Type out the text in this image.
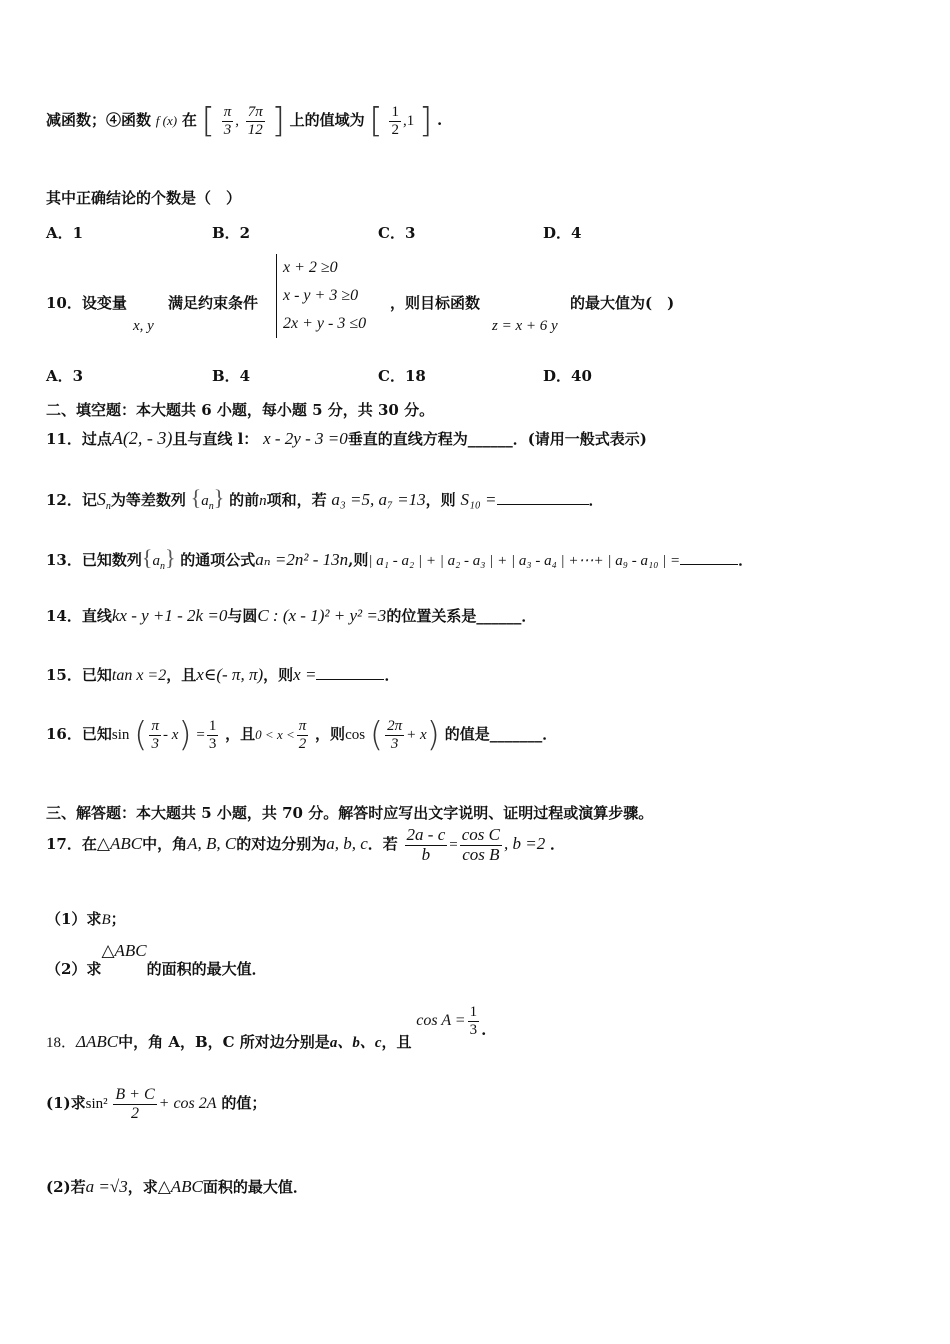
减函数；④函数 f (x) 在 [ $\frac{\pi}{3}$ , $\frac{7\pi}{12}$ ] 上的值域为 [ $\frac{1}{2} ,1$ ] .
其中正确结论的个数是（　）
A．1	B．2	C．3	D．4
10．设变量
x, y
满足约束条件
x + 2 ≥0
x - y + 3 ≥0
2x + y - 3 ≤0
，则目标函数
z = x + 6 y
的最大值为(　)
A．3	B．4	C．18	D．40
二、填空题：本大题共 6 小题，每小题 5 分，共 30 分。
11．过点A(2, - 3)且与直线 l： x - 2y - 3 =0垂直的直线方程为______．(请用一般式表示)
12．记$S_n$为等差数列 $\{a_n\}$ 的前n项和，若 a₃ =5, a₇ =13，则 S₁₀ =	．
13．已知数列$\{a_n\}$ 的通项公式aₙ =2n² - 13n,则| a₁ - a₂ | + | a₂ - a₃ | + | a₃ - a₄ | +⋯+ | a₉ - a₁₀ | =	．
14．直线kx - y +1 - 2k =0与圆C : (x - 1)² + y² =3的位置关系是______．
15．已知tan x =2，且x∈(- π, π)，则x =	．
16．已知sin ( $\frac{\pi}{3} - x) = \frac{1}{3}$ ，且$0 < x < \frac{\pi}{2}$ ，则cos ( $\frac{2\pi}{3} + x$) 的值是_______．
三、解答题：本大题共 5 小题，共 70 分。解答时应写出文字说明、证明过程或演算步骤。
17．在△ABC中，角A, B, C的对边分别为a, b, c．若 $\frac{2a - c}{b} = \frac{\text{cos C}}{\text{cos B}}$ , b =2 ．
（1）求B；
（2）求△ABC的面积的最大值．
18．ΔABC中，角 A，B，C 所对边分别是a、b、c，且 $\cos A = \frac{1}{3}$ .
(1)求$\sin^2 \frac{B + C}{2} + \cos 2A$ 的值；
(2)若a =√3，求△ABC面积的最大值．
